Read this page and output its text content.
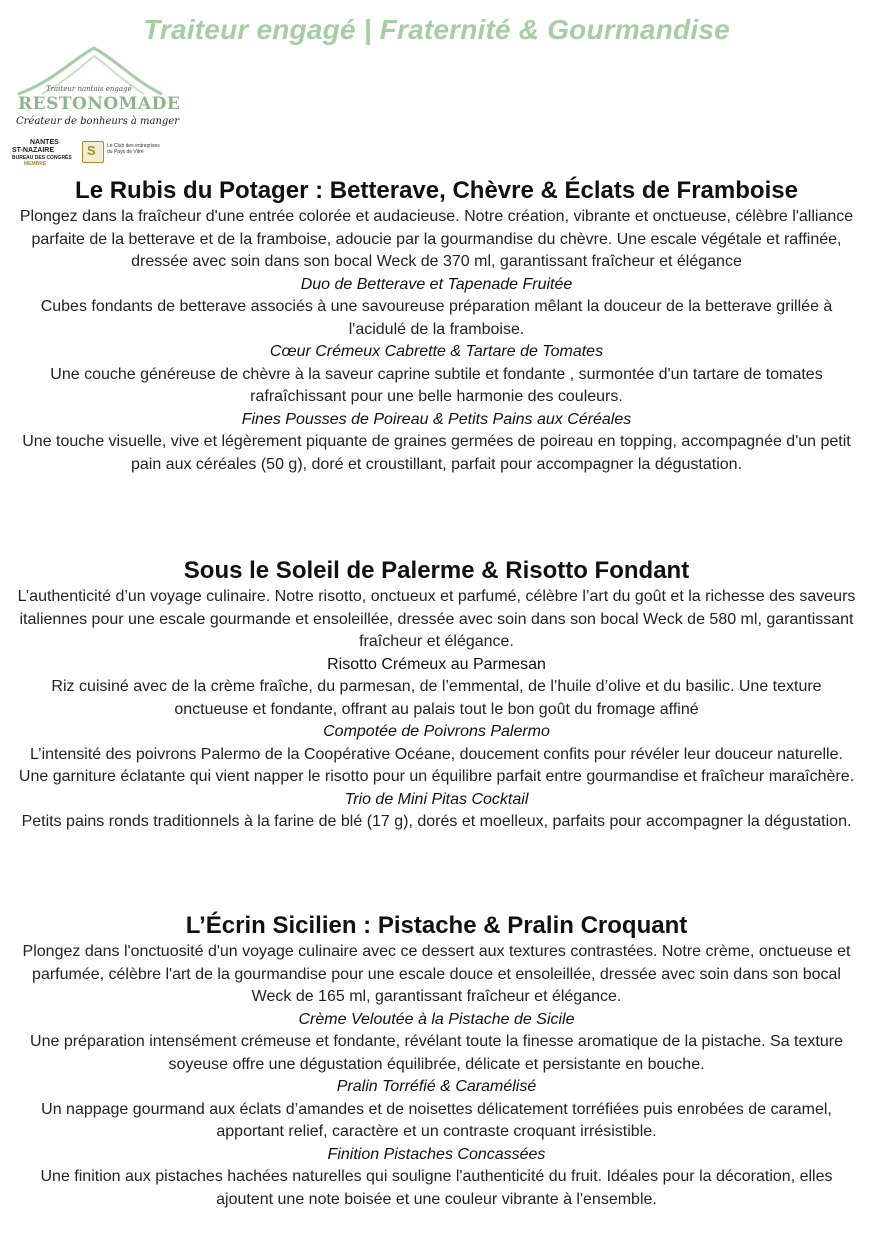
Traiteur engagé | Fraternité & Gourmandise
Traiteur nantais engagé
RESTONOMADE
Créateur de bonheurs à manger
NANTES
ST-NAZAIRE
BUREAU DES CONGRÈS
MEMBRE
S Le Club des entreprises
du Pays de Vitré
Le Rubis du Potager : Betterave, Chèvre & Éclats de Framboise

Plongez dans la fraîcheur d'une entrée colorée et audacieuse. Notre création, vibrante et onctueuse, célèbre l'alliance parfaite de la betterave et de la framboise, adoucie par la gourmandise du chèvre. Une escale végétale et raffinée, dressée avec soin dans son bocal Weck de 370 ml, garantissant fraîcheur et élégance

Duo de Betterave et Tapenade Fruitée

Cubes fondants de betterave associés à une savoureuse préparation mêlant la douceur de la betterave grillée à l'acidulé de la framboise.

Cœur Crémeux Cabrette & Tartare de Tomates

Une couche généreuse de chèvre à la saveur caprine subtile et fondante , surmontée d'un tartare de tomates rafraîchissant pour une belle harmonie des couleurs.

Fines Pousses de Poireau & Petits Pains aux Céréales

Une touche visuelle, vive et légèrement piquante de graines germées de poireau en topping, accompagnée d'un petit pain aux céréales (50 g), doré et croustillant, parfait pour accompagner la dégustation.

Sous le Soleil de Palerme & Risotto Fondant

L’authenticité d’un voyage culinaire. Notre risotto, onctueux et parfumé, célèbre l’art du goût et la richesse des saveurs italiennes pour une escale gourmande et ensoleillée, dressée avec soin dans son bocal Weck de 580 ml, garantissant fraîcheur et élégance.

Risotto Crémeux au Parmesan

Riz cuisiné avec de la crème fraîche, du parmesan, de l’emmental, de l’huile d’olive et du basilic. Une texture onctueuse et fondante, offrant au palais tout le bon goût du fromage affiné

Compotée de Poivrons Palermo

L’intensité des poivrons Palermo de la Coopérative Océane, doucement confits pour révéler leur douceur naturelle. Une garniture éclatante qui vient napper le risotto pour un équilibre parfait entre gourmandise et fraîcheur maraîchère.

Trio de Mini Pitas Cocktail

Petits pains ronds traditionnels à la farine de blé (17 g), dorés et moelleux, parfaits pour accompagner la dégustation.

L’Écrin Sicilien : Pistache & Pralin Croquant

Plongez dans l'onctuosité d'un voyage culinaire avec ce dessert aux textures contrastées. Notre crème, onctueuse et parfumée, célèbre l'art de la gourmandise pour une escale douce et ensoleillée, dressée avec soin dans son bocal Weck de 165 ml, garantissant fraîcheur et élégance.

Crème Veloutée à la Pistache de Sicile

Une préparation intensément crémeuse et fondante, révélant toute la finesse aromatique de la pistache. Sa texture soyeuse offre une dégustation équilibrée, délicate et persistante en bouche.

Pralin Torréfié & Caramélisé

Un nappage gourmand aux éclats d’amandes et de noisettes délicatement torréfiées puis enrobées de caramel, apportant relief, caractère et un contraste croquant irrésistible.

Finition Pistaches Concassées

Une finition aux pistaches hachées naturelles qui souligne l'authenticité du fruit. Idéales pour la décoration, elles ajoutent une note boisée et une couleur vibrante à l'ensemble.
